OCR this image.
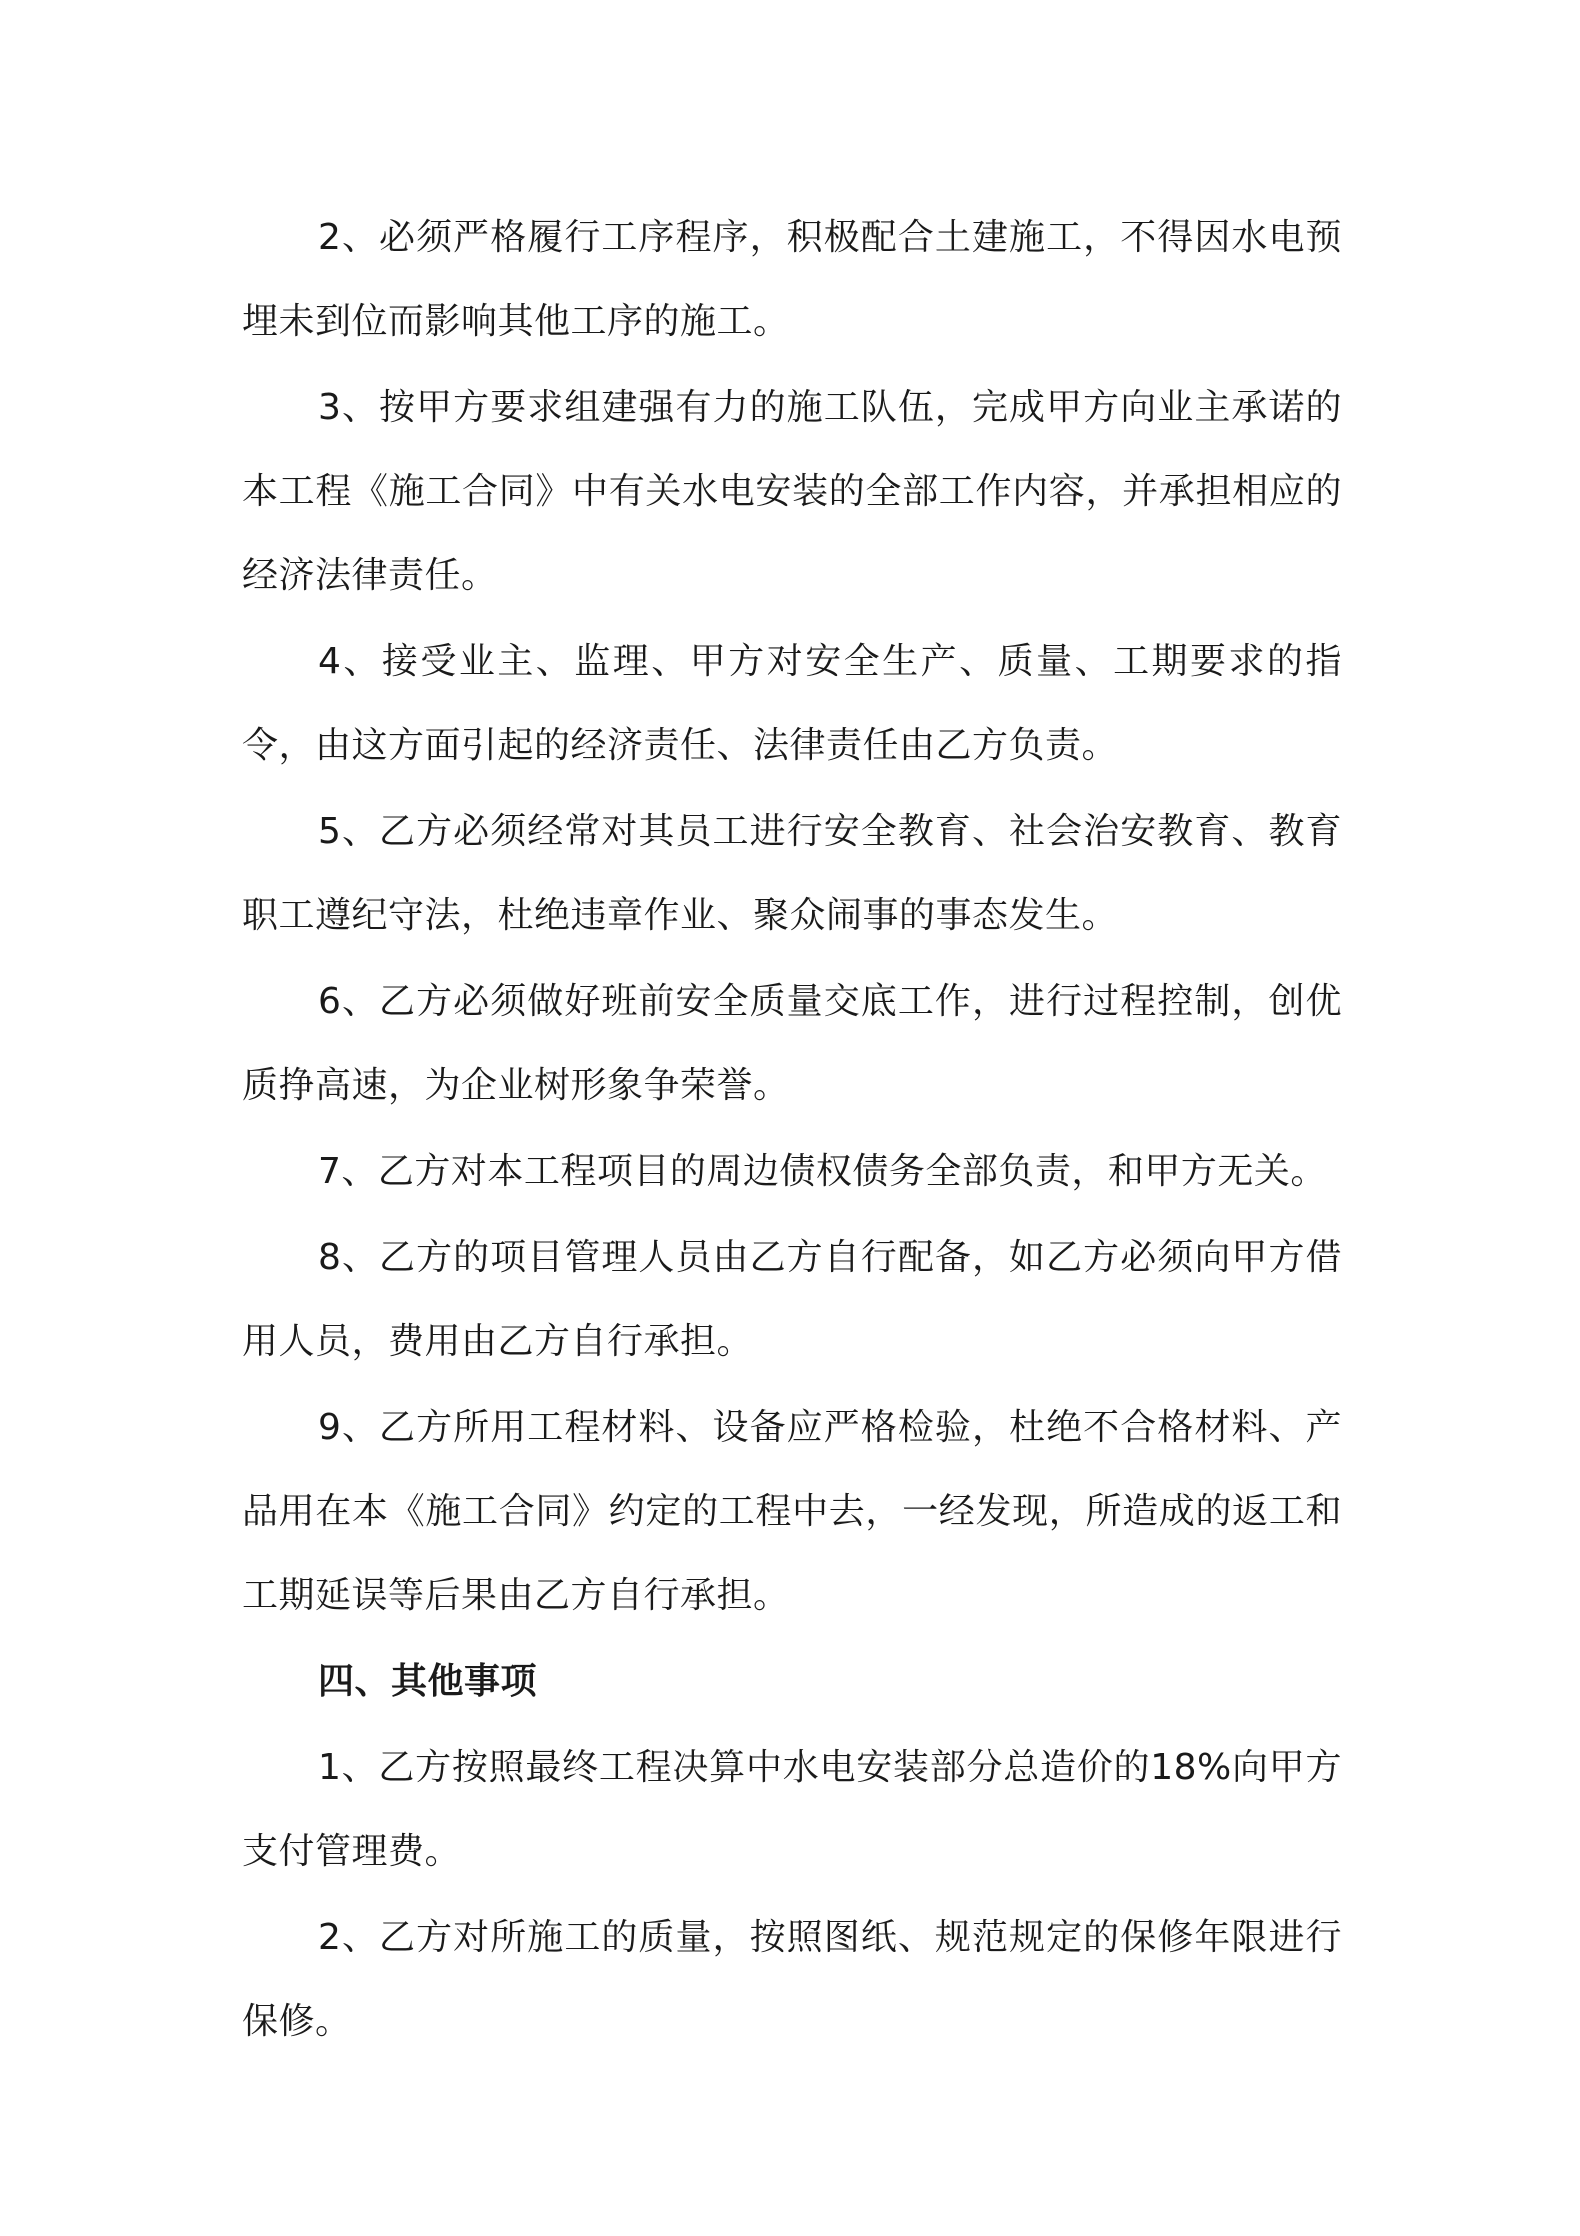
2、必须严格履行工序程序，积极配合土建施工，不得因水电预埋未到位而影响其他工序的施工。

3、按甲方要求组建强有力的施工队伍，完成甲方向业主承诺的本工程《施工合同》中有关水电安装的全部工作内容，并承担相应的经济法律责任。

4、接受业主、监理、甲方对安全生产、质量、工期要求的指令，由这方面引起的经济责任、法律责任由乙方负责。

5、乙方必须经常对其员工进行安全教育、社会治安教育、教育职工遵纪守法，杜绝违章作业、聚众闹事的事态发生。

6、乙方必须做好班前安全质量交底工作，进行过程控制，创优质挣高速，为企业树形象争荣誉。

7、乙方对本工程项目的周边债权债务全部负责，和甲方无关。

8、乙方的项目管理人员由乙方自行配备，如乙方必须向甲方借用人员，费用由乙方自行承担。

9、乙方所用工程材料、设备应严格检验，杜绝不合格材料、产品用在本《施工合同》约定的工程中去，一经发现，所造成的返工和工期延误等后果由乙方自行承担。

四、其他事项

1、乙方按照最终工程决算中水电安装部分总造价的18%向甲方支付管理费。

2、乙方对所施工的质量，按照图纸、规范规定的保修年限进行保修。
